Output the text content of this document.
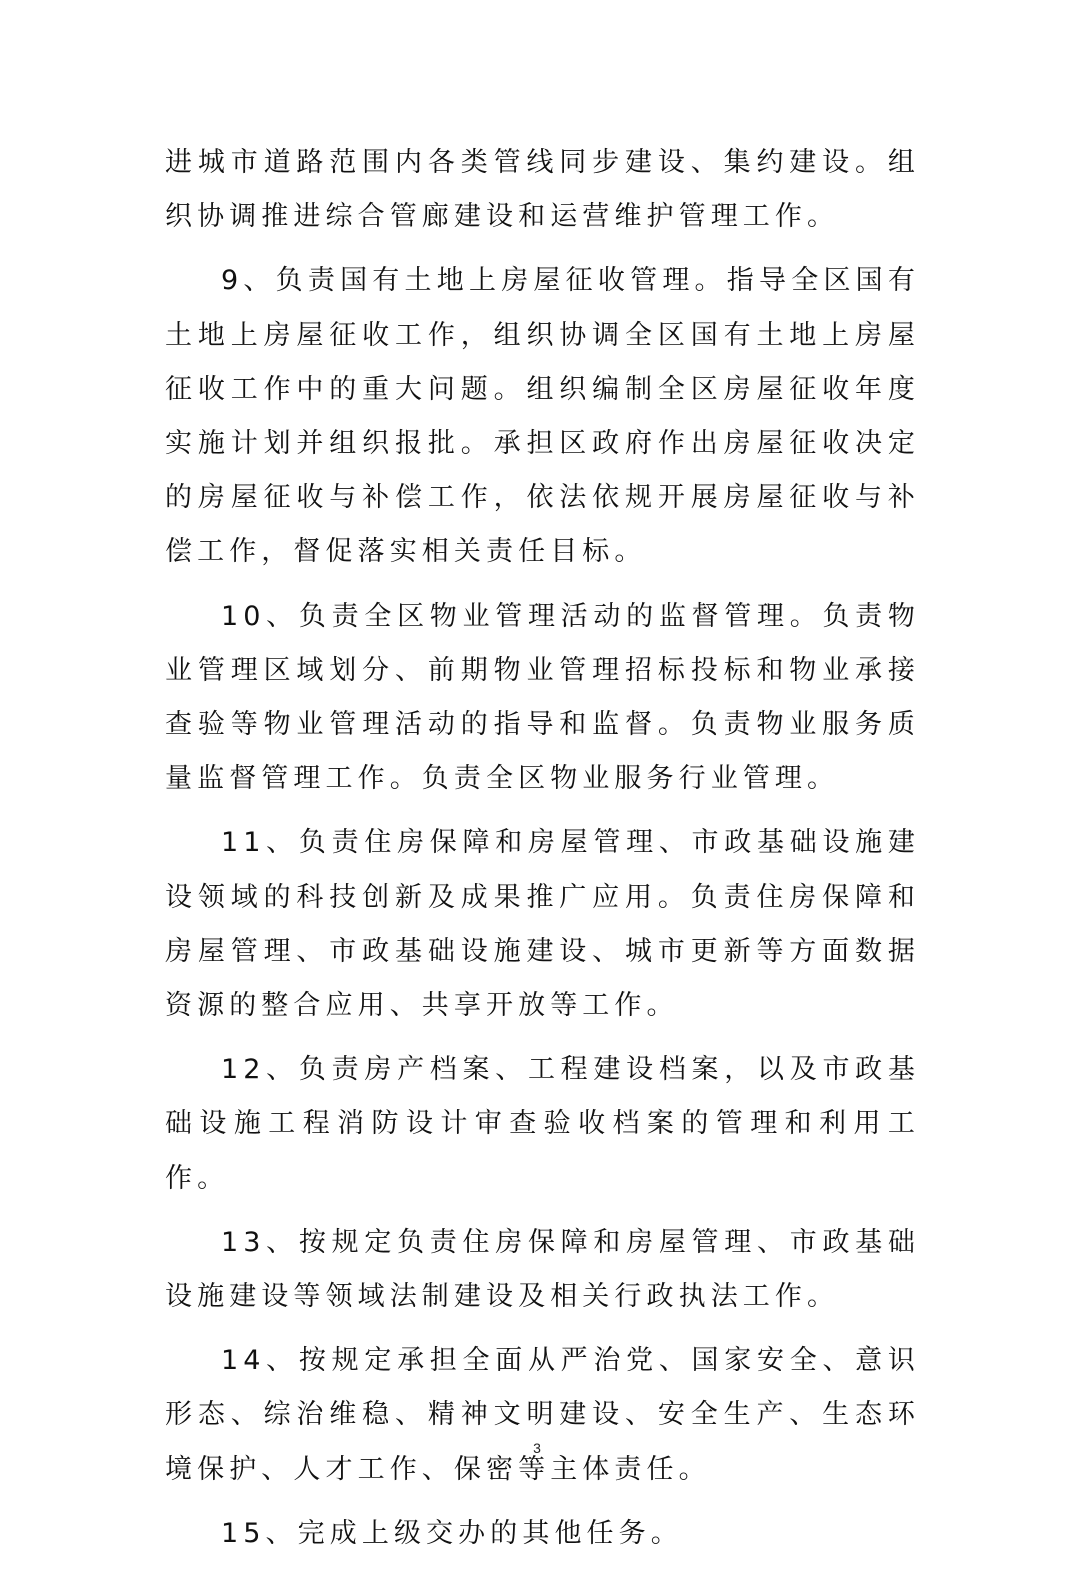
进城市道路范围内各类管线同步建设、集约建设。组织协调推进综合管廊建设和运营维护管理工作。

9、负责国有土地上房屋征收管理。指导全区国有土地上房屋征收工作，组织协调全区国有土地上房屋征收工作中的重大问题。组织编制全区房屋征收年度实施计划并组织报批。承担区政府作出房屋征收决定的房屋征收与补偿工作，依法依规开展房屋征收与补偿工作，督促落实相关责任目标。

10、负责全区物业管理活动的监督管理。负责物业管理区域划分、前期物业管理招标投标和物业承接查验等物业管理活动的指导和监督。负责物业服务质量监督管理工作。负责全区物业服务行业管理。

11、负责住房保障和房屋管理、市政基础设施建设领域的科技创新及成果推广应用。负责住房保障和房屋管理、市政基础设施建设、城市更新等方面数据资源的整合应用、共享开放等工作。

12、负责房产档案、工程建设档案，以及市政基础设施工程消防设计审查验收档案的管理和利用工作。

13、按规定负责住房保障和房屋管理、市政基础设施建设等领域法制建设及相关行政执法工作。

14、按规定承担全面从严治党、国家安全、意识形态、综治维稳、精神文明建设、安全生产、生态环境保护、人才工作、保密等主体责任。

15、完成上级交办的其他任务。

3
